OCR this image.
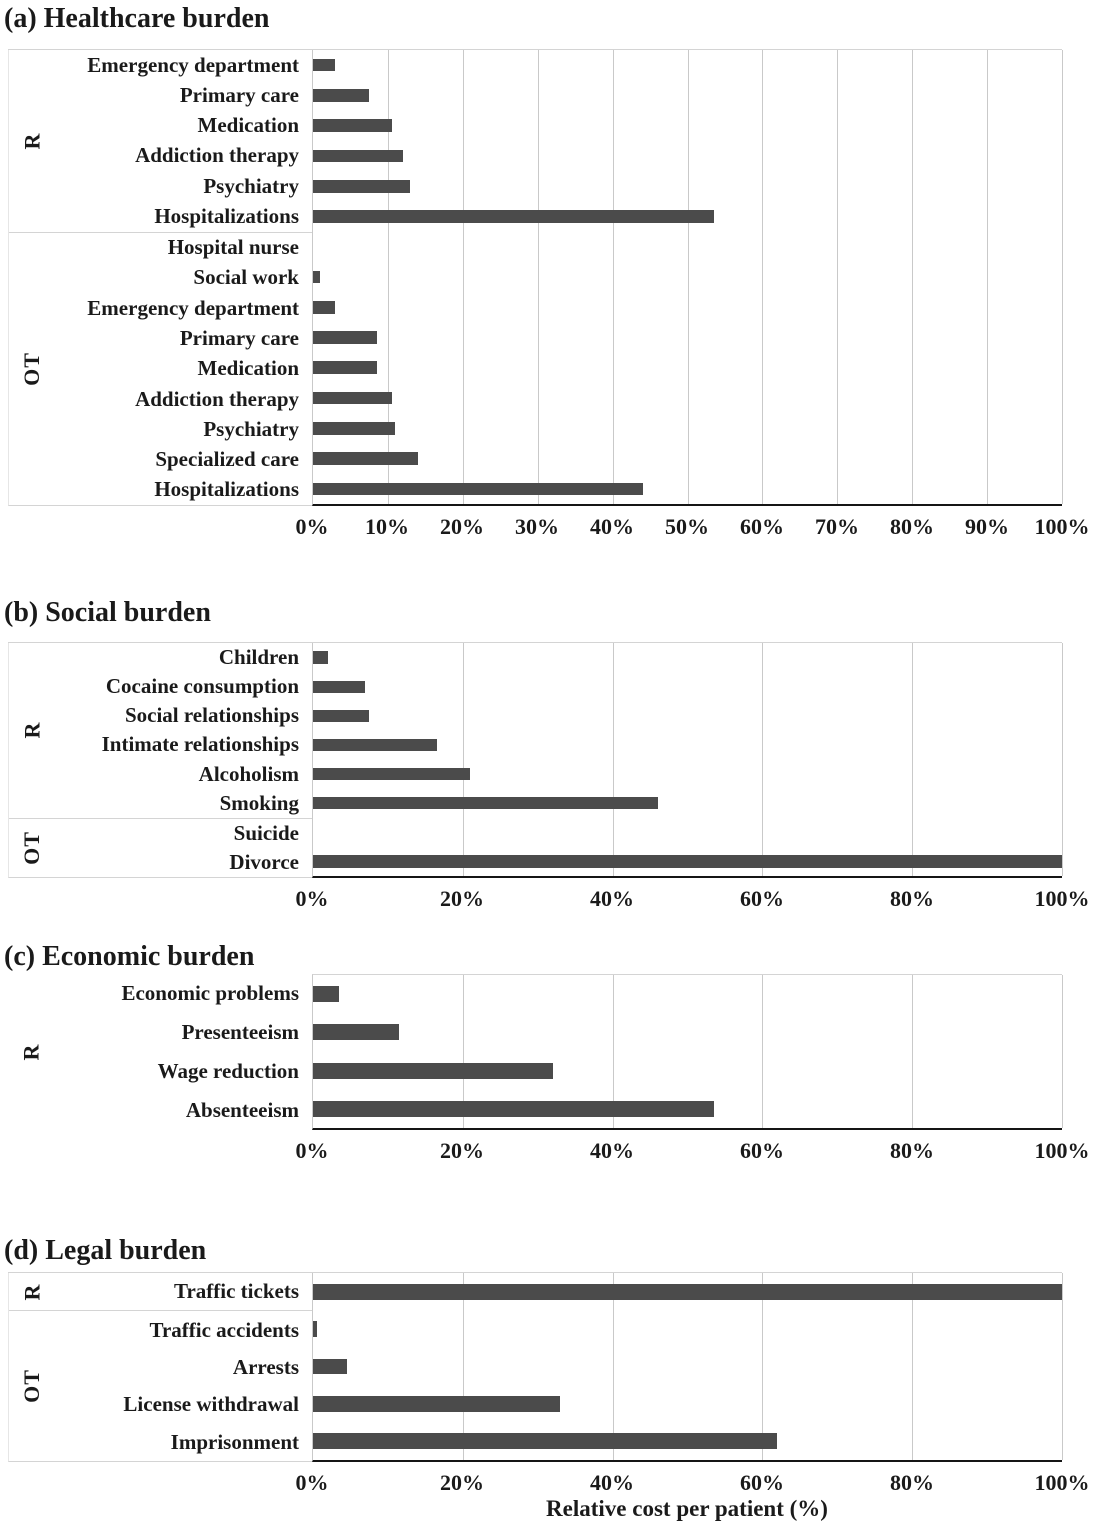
(a) Healthcare burden
R
Emergency department
Primary care
Medication
Addiction therapy
Psychiatry
Hospitalizations
OT
Hospital nurse
Social work
Emergency department
Primary care
Medication
Addiction therapy
Psychiatry
Specialized care
Hospitalizations
0% 10% 20% 30% 40% 50% 60% 70% 80% 90% 100%
(b) Social burden
R
Children
Cocaine consumption
Social relationships
Intimate relationships
Alcoholism
Smoking
OT	Suicide
Divorce
0%	20%	40%	60%	80%	100%
(c) Economic burden
R
Economic problems
Presenteeism
Wage reduction
Absenteeism
0%	20%	40%	60%	80%	100%
(d) Legal burden
R	Traffic tickets
OT
Traffic accidents
Arrests
License withdrawal
Imprisonment
0%	20%	40%	60%	80%	100%
Relative cost per patient (%)
